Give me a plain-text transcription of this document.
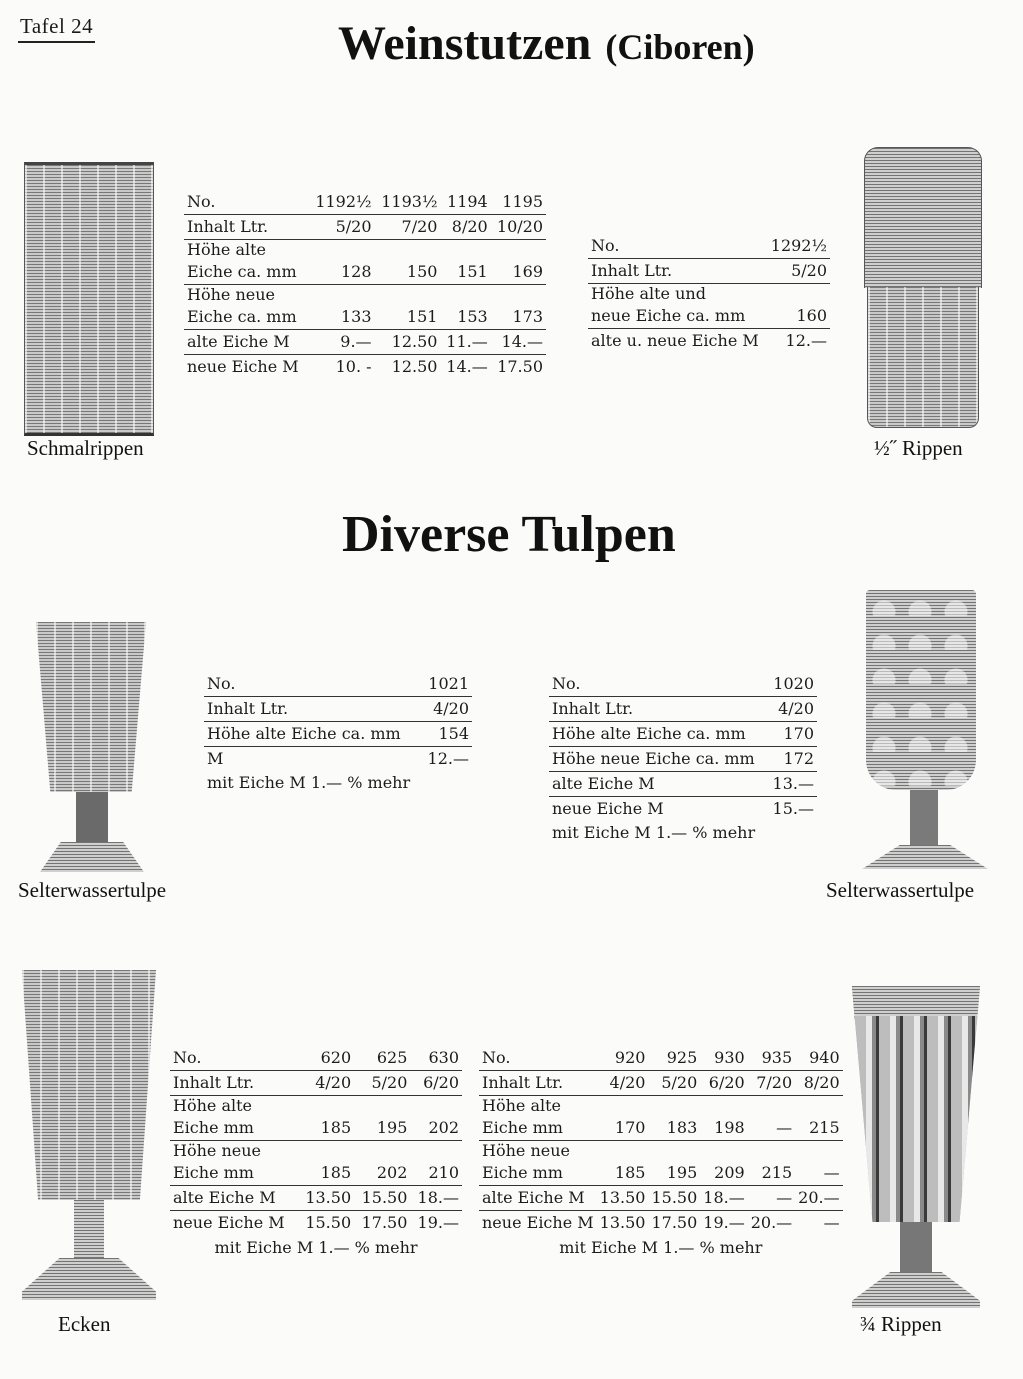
Tafel 24	Weinstutzen (Ciboren)
Schmalrippen
No.	1192½	1193½	1194	1195
Inhalt Ltr.	5/20	7/20	8/20	10/20
Höhe alte				
Eiche ca. mm	128	150	151	169
Höhe neue				
Eiche ca. mm	133	151	153	173
alte Eiche M	9.—	12.50	11.—	14.—
neue Eiche M	10. -	12.50	14.—	17.50
No.	1292½
Inhalt Ltr.	5/20
Höhe alte und	
neue Eiche ca. mm	160
alte u. neue Eiche M	12.—
½˝ Rippen
Diverse Tulpen
Selterwassertulpe
No.	1021
Inhalt Ltr.	4/20
Höhe alte Eiche ca. mm	154
M	12.—
mit Eiche M 1.— % mehr	
No.	1020
Inhalt Ltr.	4/20
Höhe alte Eiche ca. mm	170
Höhe neue Eiche ca. mm	172
alte Eiche M	13.—
neue Eiche M	15.—
mit Eiche M 1.— % mehr	
Selterwassertulpe
Ecken
No.	620	625	630
Inhalt Ltr.	4/20	5/20	6/20
Höhe alte			
Eiche mm	185	195	202
Höhe neue			
Eiche mm	185	202	210
alte Eiche M	13.50	15.50	18.—
neue Eiche M	15.50	17.50	19.—
mit Eiche M 1.— % mehr			
No.	920	925	930	935	940
Inhalt Ltr.	4/20	5/20	6/20	7/20	8/20
Höhe alte					
Eiche mm	170	183	198	—	215
Höhe neue					
Eiche mm	185	195	209	215	—
alte Eiche M	13.50	15.50	18.—	—	20.—
neue Eiche M	13.50	17.50	19.—	20.—	—
mit Eiche M 1.— % mehr					
¾ Rippen
